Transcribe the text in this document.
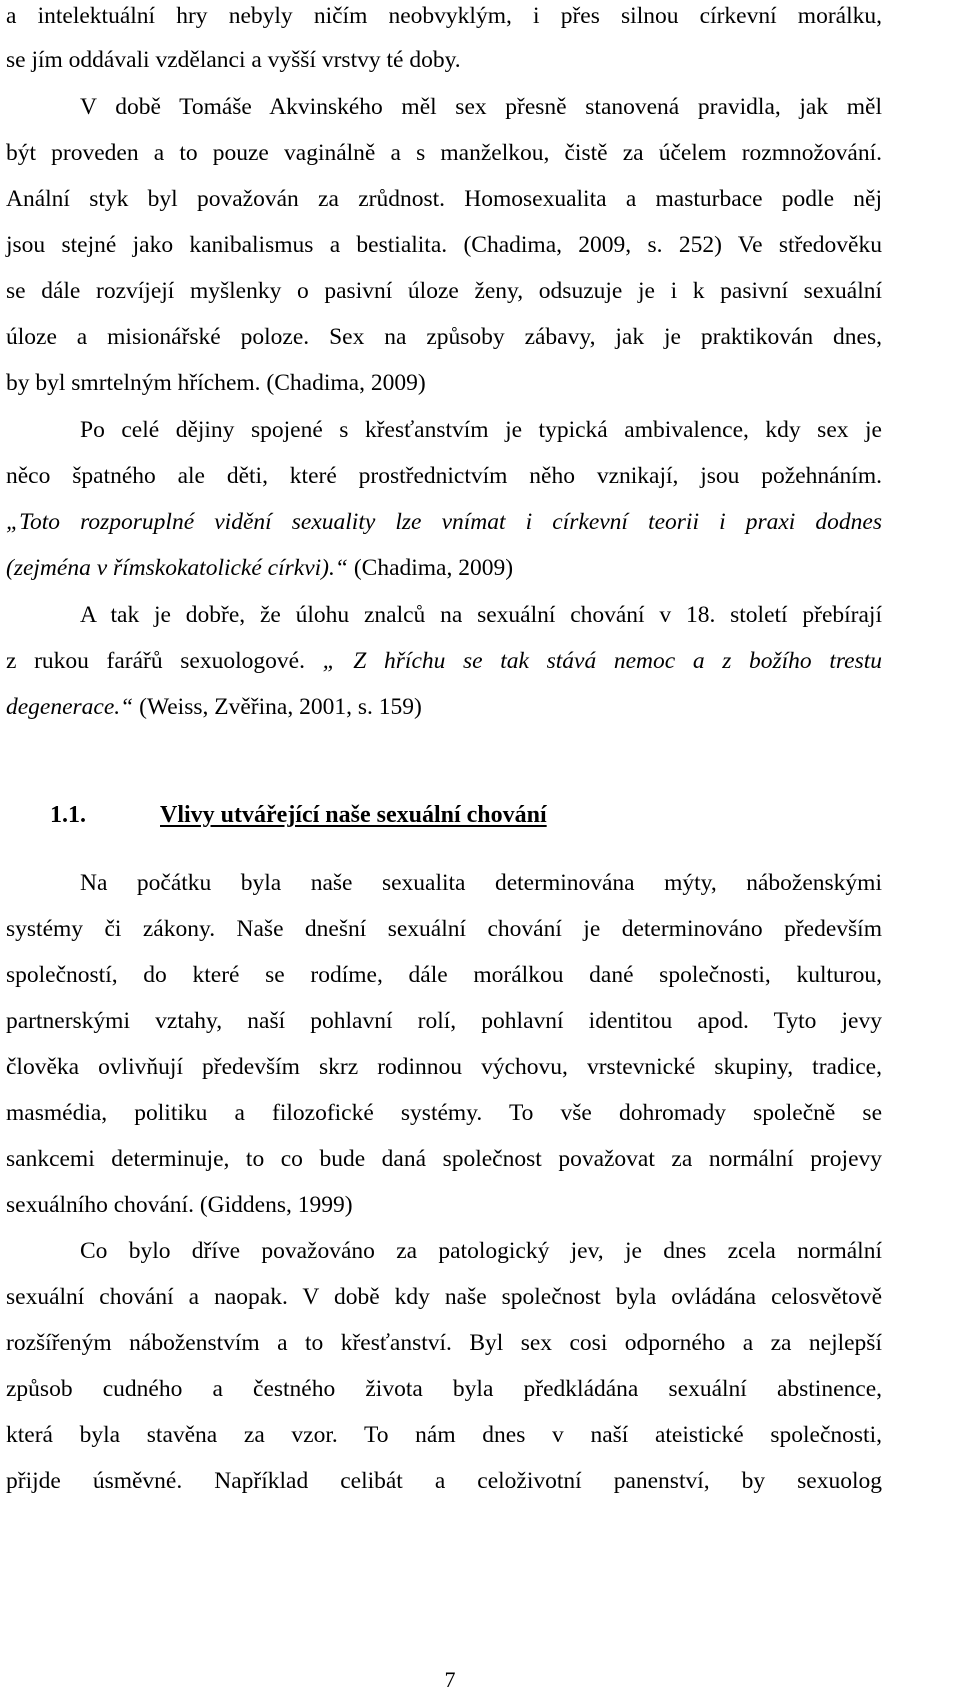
a intelektuální hry nebyly ničím neobvyklým, i přes silnou církevní morálku,
se jím oddávali vzdělanci a vyšší vrstvy té doby.
V době Tomáše Akvinského měl sex přesně stanovená pravidla, jak měl
být proveden a to pouze vaginálně a s manželkou, čistě za účelem rozmnožování.
Anální styk byl považován za zrůdnost. Homosexualita a masturbace podle něj
jsou stejné jako kanibalismus a bestialita. (Chadima, 2009, s. 252) Ve středověku
se dále rozvíjejí myšlenky o pasivní úloze ženy, odsuzuje je i k pasivní sexuální
úloze a misionářské poloze. Sex na způsoby zábavy, jak je praktikován dnes,
by byl smrtelným hříchem. (Chadima, 2009)
Po celé dějiny spojené s křesťanstvím je typická ambivalence, kdy sex je
něco špatného ale děti, které prostřednictvím něho vznikají, jsou požehnáním.
„Toto rozporuplné vidění sexuality lze vnímat i církevní teorii i praxi dodnes
(zejména v římskokatolické církvi).“ (Chadima, 2009)
A tak je dobře, že úlohu znalců na sexuální chování v 18. století přebírají
z rukou farářů sexuologové. „ Z hříchu se tak stává nemoc a z božího trestu
degenerace.“ (Weiss, Zvěřina, 2001, s. 159)
1.1.	Vlivy utvářející naše sexuální chování
Na počátku byla naše sexualita determinována mýty, náboženskými
systémy či zákony. Naše dnešní sexuální chování je determinováno především
společností, do které se rodíme, dále morálkou dané společnosti, kulturou,
partnerskými vztahy, naší pohlavní rolí, pohlavní identitou apod. Tyto jevy
člověka ovlivňují především skrz rodinnou výchovu, vrstevnické skupiny, tradice,
masmédia, politiku a filozofické systémy. To vše dohromady společně se
sankcemi determinuje, to co bude daná společnost považovat za normální projevy
sexuálního chování. (Giddens, 1999)
Co bylo dříve považováno za patologický jev, je dnes zcela normální
sexuální chování a naopak. V době kdy naše společnost byla ovládána celosvětově
rozšířeným náboženstvím a to křesťanství. Byl sex cosi odporného a za nejlepší
způsob cudného a čestného života byla předkládána sexuální abstinence,
která byla stavěna za vzor. To nám dnes v naší ateistické společnosti,
přijde úsměvné. Například celibát a celoživotní panenství, by sexuolog
7
